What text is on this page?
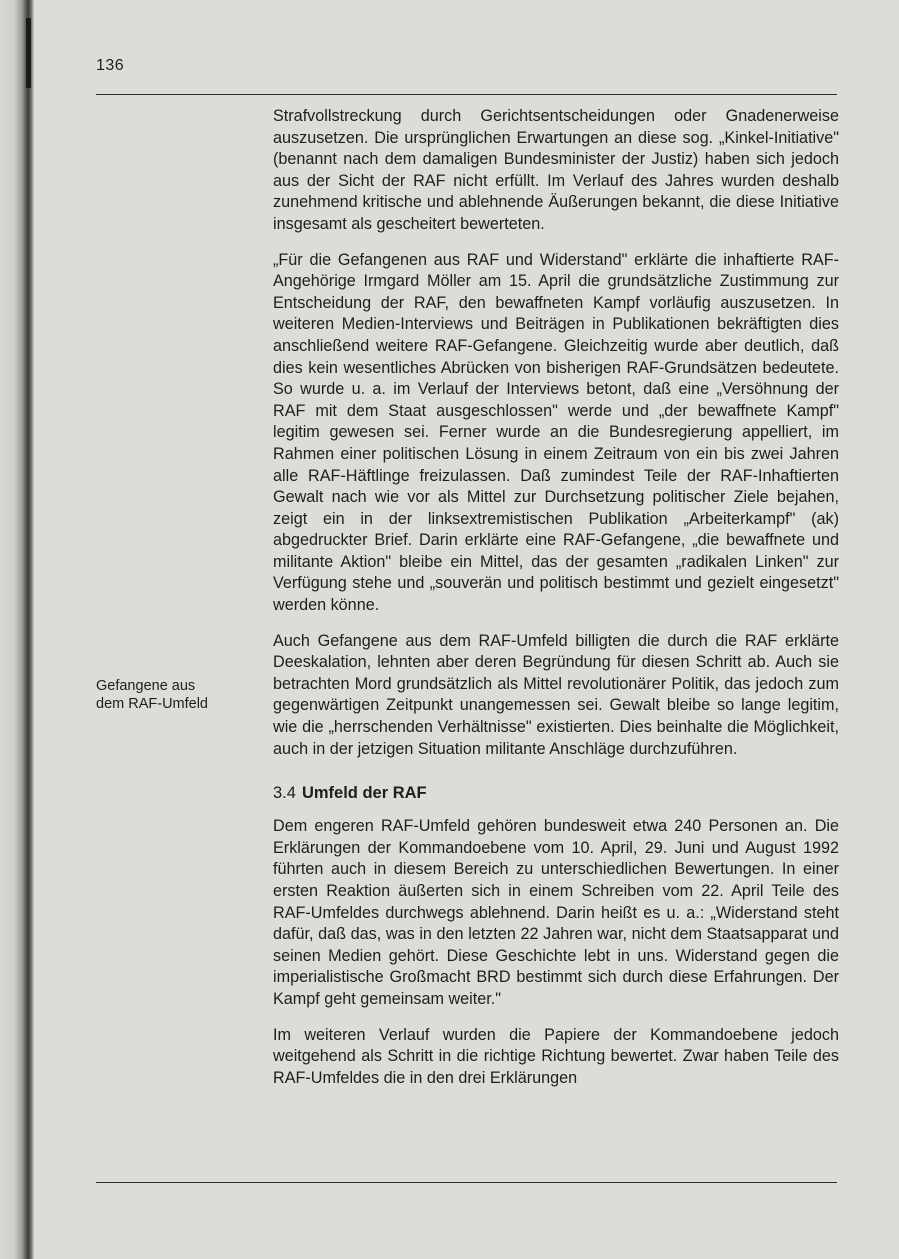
136
Gefangene aus
dem RAF-Umfeld

Strafvollstreckung durch Gerichtsentscheidungen oder Gnadenerweise auszusetzen. Die ursprünglichen Erwartungen an diese sog. „Kinkel-Initiative" (benannt nach dem damaligen Bundesminister der Justiz) haben sich jedoch aus der Sicht der RAF nicht erfüllt. Im Verlauf des Jahres wurden deshalb zunehmend kritische und ablehnende Äußerungen bekannt, die diese Initiative insgesamt als gescheitert bewerteten.

„Für die Gefangenen aus RAF und Widerstand" erklärte die inhaftierte RAF-Angehörige Irmgard Möller am 15. April die grundsätzliche Zustimmung zur Entscheidung der RAF, den bewaffneten Kampf vorläufig auszusetzen. In weiteren Medien-Interviews und Beiträgen in Publikationen bekräftigten dies anschließend weitere RAF-Gefangene. Gleichzeitig wurde aber deutlich, daß dies kein wesentliches Abrücken von bisherigen RAF-Grundsätzen bedeutete. So wurde u. a. im Verlauf der Interviews betont, daß eine „Versöhnung der RAF mit dem Staat ausgeschlossen" werde und „der bewaffnete Kampf" legitim gewesen sei. Ferner wurde an die Bundesregierung appelliert, im Rahmen einer politischen Lösung in einem Zeitraum von ein bis zwei Jahren alle RAF-Häftlinge freizulassen. Daß zumindest Teile der RAF-Inhaftierten Gewalt nach wie vor als Mittel zur Durchsetzung politischer Ziele bejahen, zeigt ein in der linksextremistischen Publikation „Arbeiterkampf" (ak) abgedruckter Brief. Darin erklärte eine RAF-Gefangene, „die bewaffnete und militante Aktion" bleibe ein Mittel, das der gesamten „radikalen Linken" zur Verfügung stehe und „souverän und politisch bestimmt und gezielt eingesetzt" werden könne.

Auch Gefangene aus dem RAF-Umfeld billigten die durch die RAF erklärte Deeskalation, lehnten aber deren Begründung für diesen Schritt ab. Auch sie betrachten Mord grundsätzlich als Mittel revolutionärer Politik, das jedoch zum gegenwärtigen Zeitpunkt unangemessen sei. Gewalt bleibe so lange legitim, wie die „herrschenden Verhältnisse" existierten. Dies beinhalte die Möglichkeit, auch in der jetzigen Situation militante Anschläge durchzuführen.

3.4 Umfeld der RAF

Dem engeren RAF-Umfeld gehören bundesweit etwa 240 Personen an. Die Erklärungen der Kommandoebene vom 10. April, 29. Juni und August 1992 führten auch in diesem Bereich zu unterschiedlichen Bewertungen. In einer ersten Reaktion äußerten sich in einem Schreiben vom 22. April Teile des RAF-Umfeldes durchwegs ablehnend. Darin heißt es u. a.: „Widerstand steht dafür, daß das, was in den letzten 22 Jahren war, nicht dem Staatsapparat und seinen Medien gehört. Diese Geschichte lebt in uns. Widerstand gegen die imperialistische Großmacht BRD bestimmt sich durch diese Erfahrungen. Der Kampf geht gemeinsam weiter."

Im weiteren Verlauf wurden die Papiere der Kommandoebene jedoch weitgehend als Schritt in die richtige Richtung bewertet. Zwar haben Teile des RAF-Umfeldes die in den drei Erklärungen
